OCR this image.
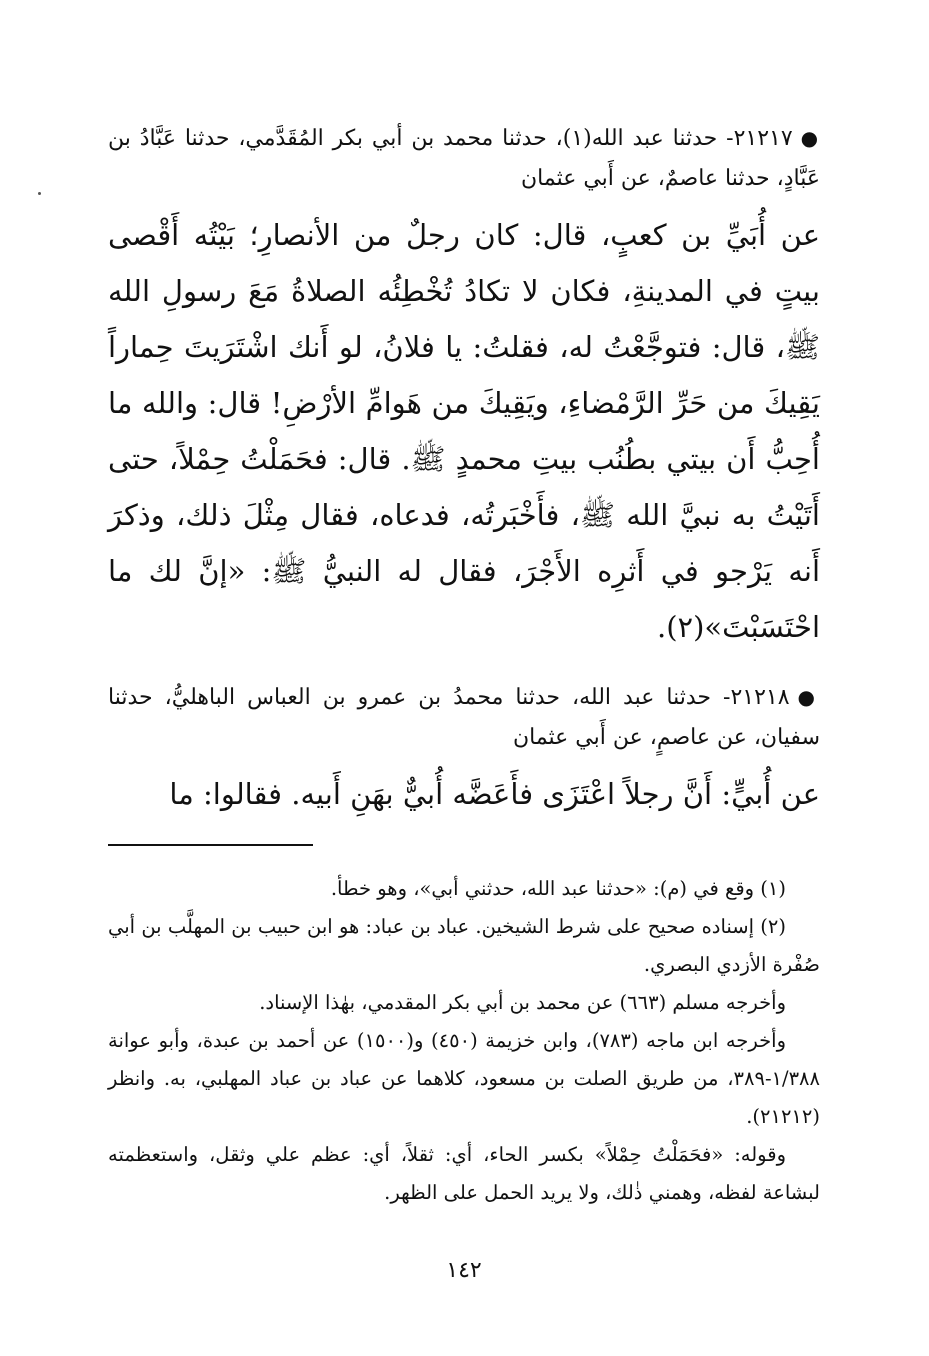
●٢١٢١٧- حدثنا عبد الله(١)، حدثنا محمد بن أبي بكر المُقَدَّمي، حدثنا عَبَّادُ بن عَبَّادٍ، حدثنا عاصمٌ، عن أَبي عثمان

عن أُبَيِّ بن كعبٍ، قال: كان رجلٌ من الأنصارِ؛ بَيْتُه أَقْصى بيتٍ في المدينةِ، فكان لا تكادُ تُخْطِئُه الصلاةُ مَعَ رسولِ الله ﷺ، قال: فتوجَّعْتُ له، فقلتُ: يا فلانُ، لو أَنك اشْتَرَيتَ حِماراً يَقِيكَ من حَرِّ الرَّمْضاءِ، ويَقِيكَ من هَوامِّ الأرْضِ! قال: والله ما أُحِبُّ أَن بيتي بطُنُب بيتِ محمدٍ ﷺ. قال: فحَمَلْتُ حِمْلاً، حتى أَتَيْتُ به نبيَّ الله ﷺ، فأَخْبَرتُه، فدعاه، فقال مِثْلَ ذلك، وذكرَ أَنه يَرْجو في أَثرِه الأَجْرَ، فقال له النبيُّ ﷺ: «إنَّ لك ما احْتَسَبْتَ»(٢).

●٢١٢١٨- حدثنا عبد الله، حدثنا محمدُ بن عمرو بن العباس الباهليُّ، حدثنا سفيان، عن عاصمٍ، عن أَبي عثمان

عن أُبيٍّ: أَنَّ رجلاً اعْتَزَى فأَعَضَّه أُبيٌّ بهَنِ أَبيه. فقالوا: ما

(١) وقع في (م): «حدثنا عبد الله، حدثني أبي»، وهو خطأ.

(٢) إسناده صحيح على شرط الشيخين. عباد بن عباد: هو ابن حبيب بن المهلَّب بن أبي صُفْرة الأزدي البصري.

وأخرجه مسلم (٦٦٣) عن محمد بن أبي بكر المقدمي، بهٰذا الإسناد.

وأخرجه ابن ماجه (٧٨٣)، وابن خزيمة (٤٥٠) و(١٥٠٠) عن أحمد بن عبدة، وأبو عوانة ١/٣٨٨-٣٨٩، من طريق الصلت بن مسعود، كلاهما عن عباد بن عباد المهلبي، به. وانظر (٢١٢١٢).

وقوله: «فحَمَلْتُ حِمْلاً» بكسر الحاء، أي: ثقلاً، أي: عظم علي وثقل، واستعظمته لبشاعة لفظه، وهمني ذٰلك، ولا يريد الحمل على الظهر.

١٤٢
